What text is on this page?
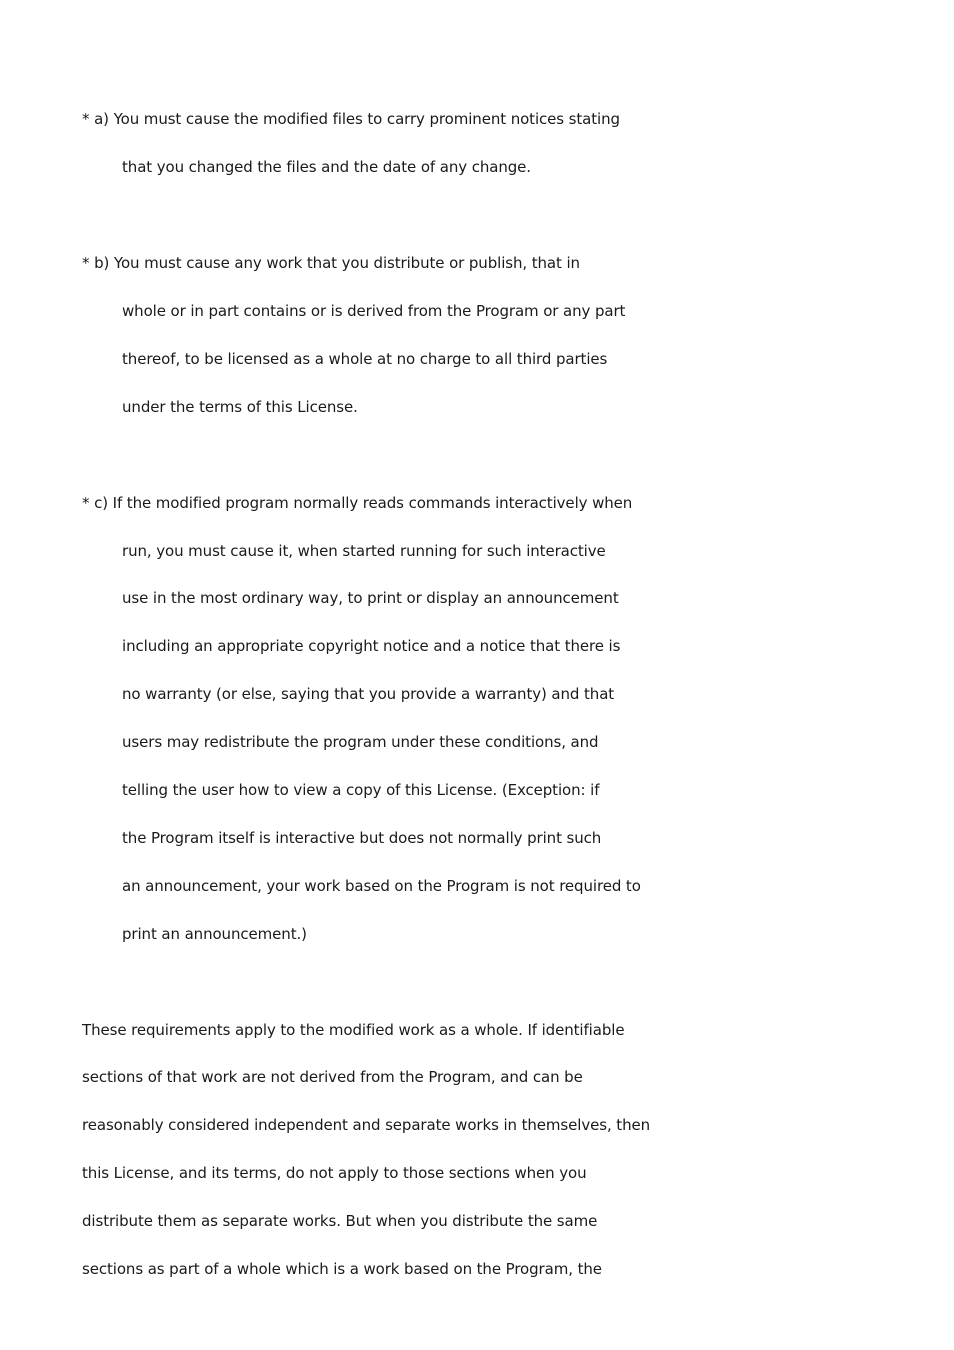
* a) You must cause the modified files to carry prominent notices stating
that you changed the files and the date of any change.
* b) You must cause any work that you distribute or publish, that in
whole or in part contains or is derived from the Program or any part
thereof, to be licensed as a whole at no charge to all third parties
under the terms of this License.
* c) If the modified program normally reads commands interactively when
run, you must cause it, when started running for such interactive
use in the most ordinary way, to print or display an announcement
including an appropriate copyright notice and a notice that there is
no warranty (or else, saying that you provide a warranty) and that
users may redistribute the program under these conditions, and
telling the user how to view a copy of this License. (Exception: if
the Program itself is interactive but does not normally print such
an announcement, your work based on the Program is not required to
print an announcement.)
These requirements apply to the modified work as a whole. If identifiable
sections of that work are not derived from the Program, and can be
reasonably considered independent and separate works in themselves, then
this License, and its terms, do not apply to those sections when you
distribute them as separate works. But when you distribute the same
sections as part of a whole which is a work based on the Program, the
